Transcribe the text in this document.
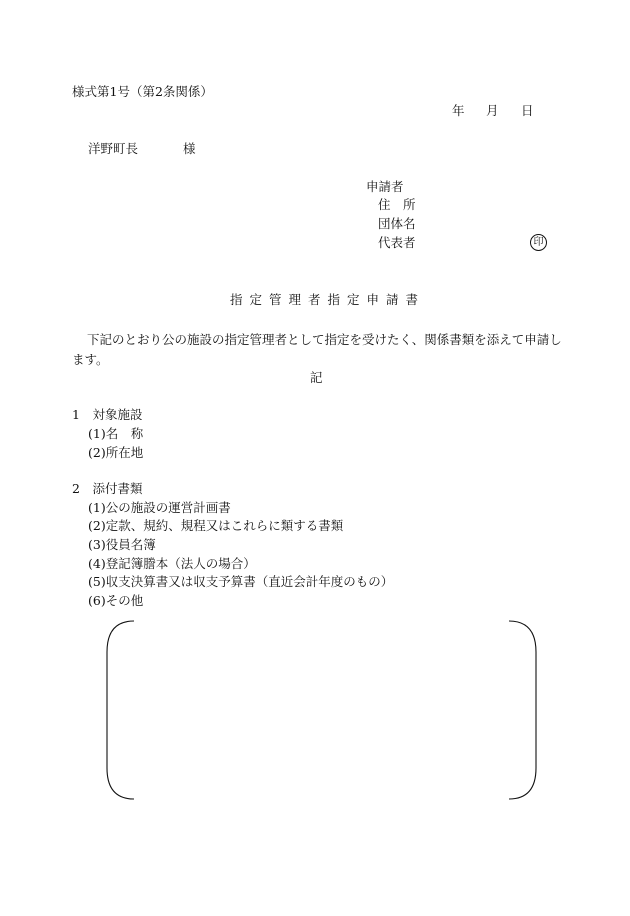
様式第1号（第2条関係）
年 月 日
洋野町長	様
申請者
住　所
団体名
代表者	印
指定管理者指定申請書
下記のとおり公の施設の指定管理者として指定を受けたく、関係書類を添えて申請します。
記
1　対象施設
(1)名　称
(2)所在地
2　添付書類
(1)公の施設の運営計画書
(2)定款、規約、規程又はこれらに類する書類
(3)役員名簿
(4)登記簿謄本（法人の場合）
(5)収支決算書又は収支予算書（直近会計年度のもの）
(6)その他
